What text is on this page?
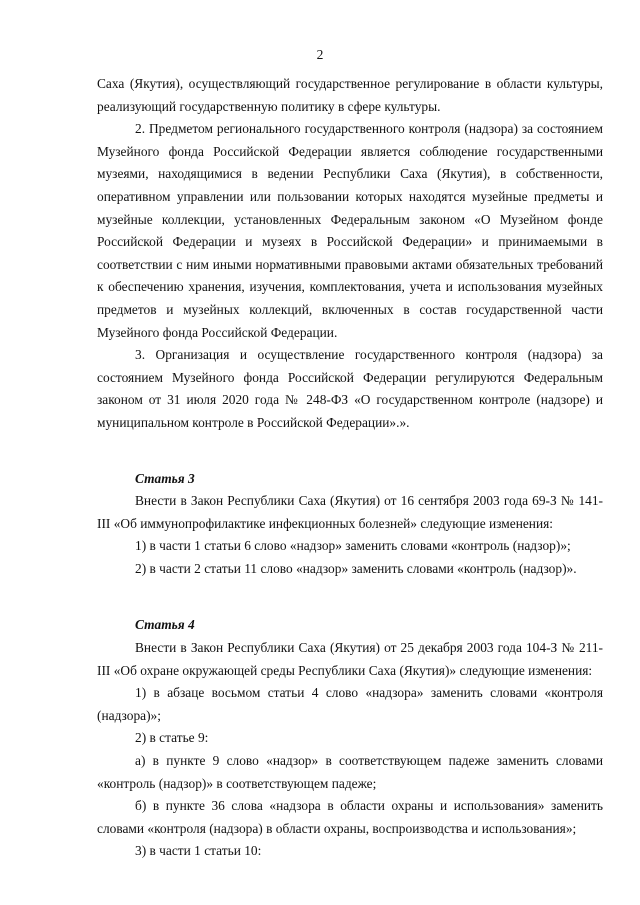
2

Саха (Якутия), осуществляющий государственное регулирование в области культуры, реализующий государственную политику в сфере культуры.

2. Предметом регионального государственного контроля (надзора) за состоянием Музейного фонда Российской Федерации является соблюдение государственными музеями, находящимися в ведении Республики Саха (Якутия), в собственности, оперативном управлении или пользовании которых находятся музейные предметы и музейные коллекции, установленных Федеральным законом «О Музейном фонде Российской Федерации и музеях в Российской Федерации» и принимаемыми в соответствии с ним иными нормативными правовыми актами обязательных требований к обеспечению хранения, изучения, комплектования, учета и использования музейных предметов и музейных коллекций, включенных в состав государственной части Музейного фонда Российской Федерации.

3. Организация и осуществление государственного контроля (надзора) за состоянием Музейного фонда Российской Федерации регулируются Федеральным законом от 31 июля 2020 года № 248-ФЗ «О государственном контроле (надзоре) и муниципальном контроле в Российской Федерации».».

Статья 3

Внести в Закон Республики Саха (Якутия) от 16 сентября 2003 года 69-З № 141-III «Об иммунопрофилактике инфекционных болезней» следующие изменения:

1) в части 1 статьи 6 слово «надзор» заменить словами «контроль (надзор)»;

2) в части 2 статьи 11 слово «надзор» заменить словами «контроль (надзор)».

Статья 4

Внести в Закон Республики Саха (Якутия) от 25 декабря 2003 года 104-З № 211-III «Об охране окружающей среды Республики Саха (Якутия)» следующие изменения:

1) в абзаце восьмом статьи 4 слово «надзора» заменить словами «контроля (надзора)»;

2) в статье 9:

а) в пункте 9 слово «надзор» в соответствующем падеже заменить словами «контроль (надзор)» в соответствующем падеже;

б) в пункте 36 слова «надзора в области охраны и использования» заменить словами «контроля (надзора) в области охраны, воспроизводства и использования»;

3) в части 1 статьи 10:
